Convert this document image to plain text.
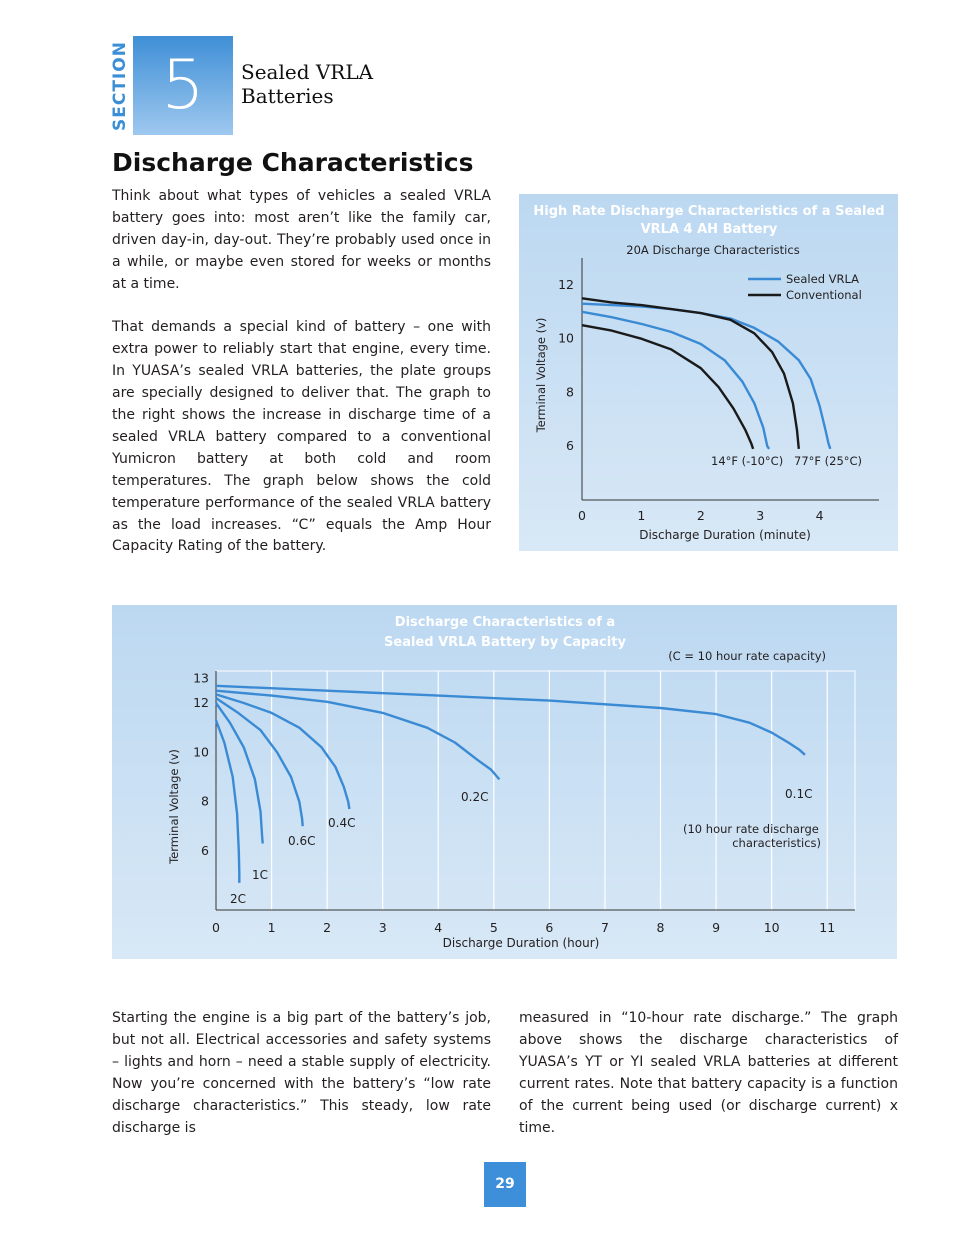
SECTION 5	Sealed VRLA
Batteries
Discharge Characteristics

Think about what types of vehicles a sealed VRLA battery goes into: most aren’t like the family car, driven day-in, day-out. They’re probably used once in a while, or maybe even stored for weeks or months at a time.

That demands a special kind of battery – one with extra power to reliably start that engine, every time. In YUASA’s sealed VRLA batteries, the plate groups are specially designed to deliver that. The graph to the right shows the increase in discharge time of a sealed VRLA battery compared to a conventional Yumicron battery at both cold and room temperatures. The graph below shows the cold temperature performance of the sealed VRLA battery as the load increases. “C” equals the Amp Hour Capacity Rating of the battery.

High Rate Discharge Characteristics of a Sealed
VRLA 4 AH Battery
20A Discharge Characteristics
12
10
8
6
0	1	2	3	4
Discharge Duration (minute)
Terminal Voltage (v)
Sealed VRLA
Conventional
14°F (-10°C) 77°F (25°C)
Discharge Characteristics of a
Sealed VRLA Battery by Capacity
(C = 10 hour rate capacity)
13
12
10
8
6
0	1	2	3	4	5	6	7	8	9	10	11
Discharge Duration (hour)
Terminal Voltage (v)	0.1C
0.2C
0.4C
0.6C
1C
2C
(10 hour rate discharge
characteristics)
Starting the engine is a big part of the battery’s job, but not all. Electrical accessories and safety systems – lights and horn – need a stable supply of electricity. Now you’re concerned with the battery’s “low rate discharge characteristics.” This steady, low rate discharge is
measured in “10-hour rate discharge.” The graph above shows the discharge characteristics of YUASA’s YT or YI sealed VRLA batteries at different current rates. Note that battery capacity is a function of the current being used (or discharge current) x time.
29
